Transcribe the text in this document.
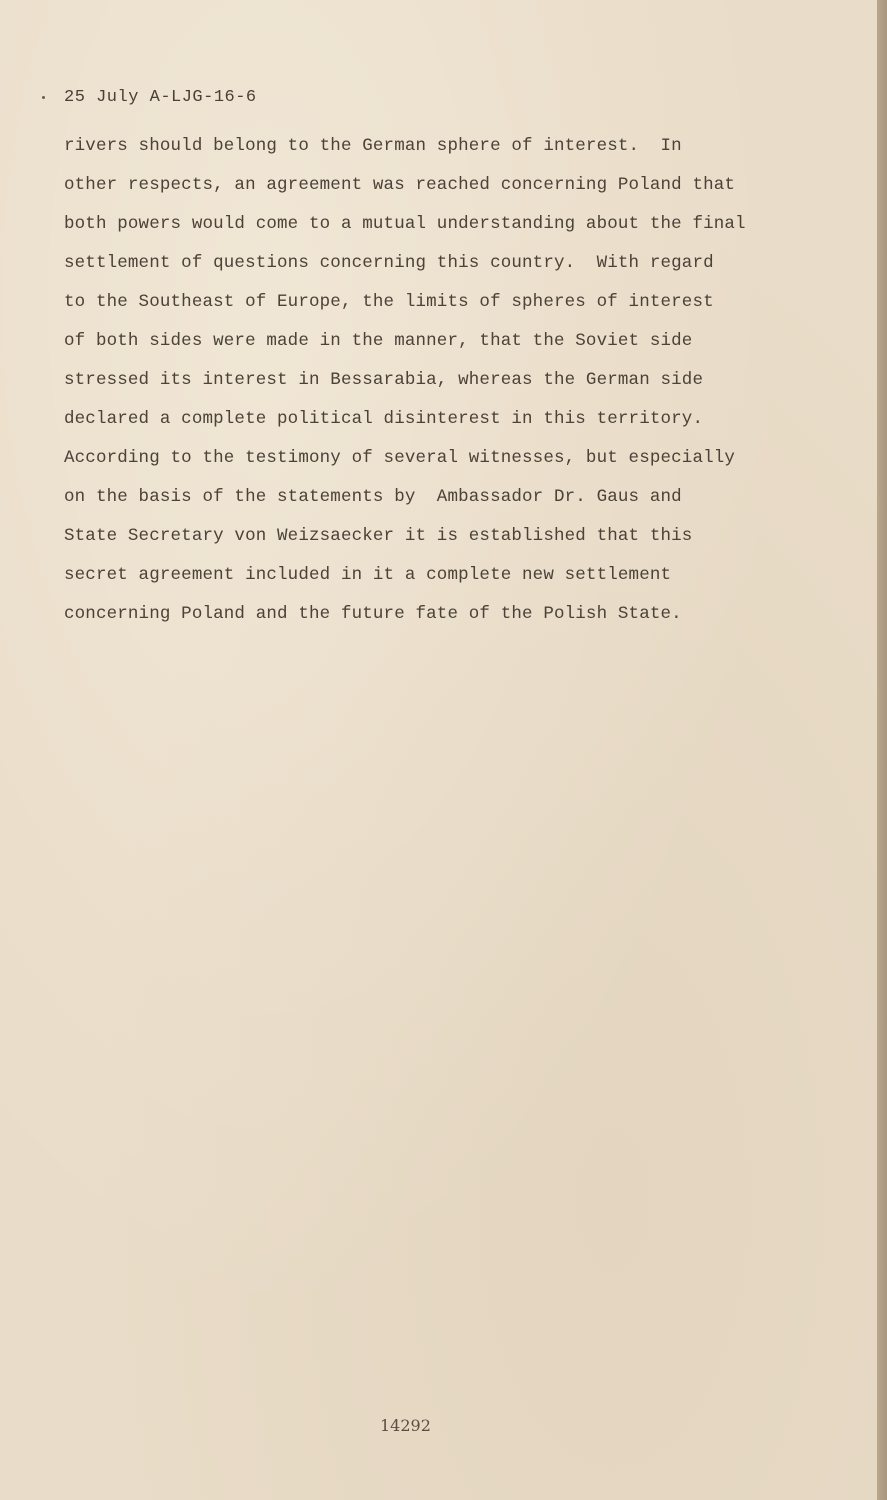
25 July A-LJG-16-6
rivers should belong to the German sphere of interest.  In
other respects, an agreement was reached concerning Poland that
both powers would come to a mutual understanding about the final
settlement of questions concerning this country.  With regard
to the Southeast of Europe, the limits of spheres of interest
of both sides were made in the manner, that the Soviet side
stressed its interest in Bessarabia, whereas the German side
declared a complete political disinterest in this territory.
According to the testimony of several witnesses, but especially
on the basis of the statements by  Ambassador Dr. Gaus and
State Secretary von Weizsaecker it is established that this
secret agreement included in it a complete new settlement
concerning Poland and the future fate of the Polish State.
14292
